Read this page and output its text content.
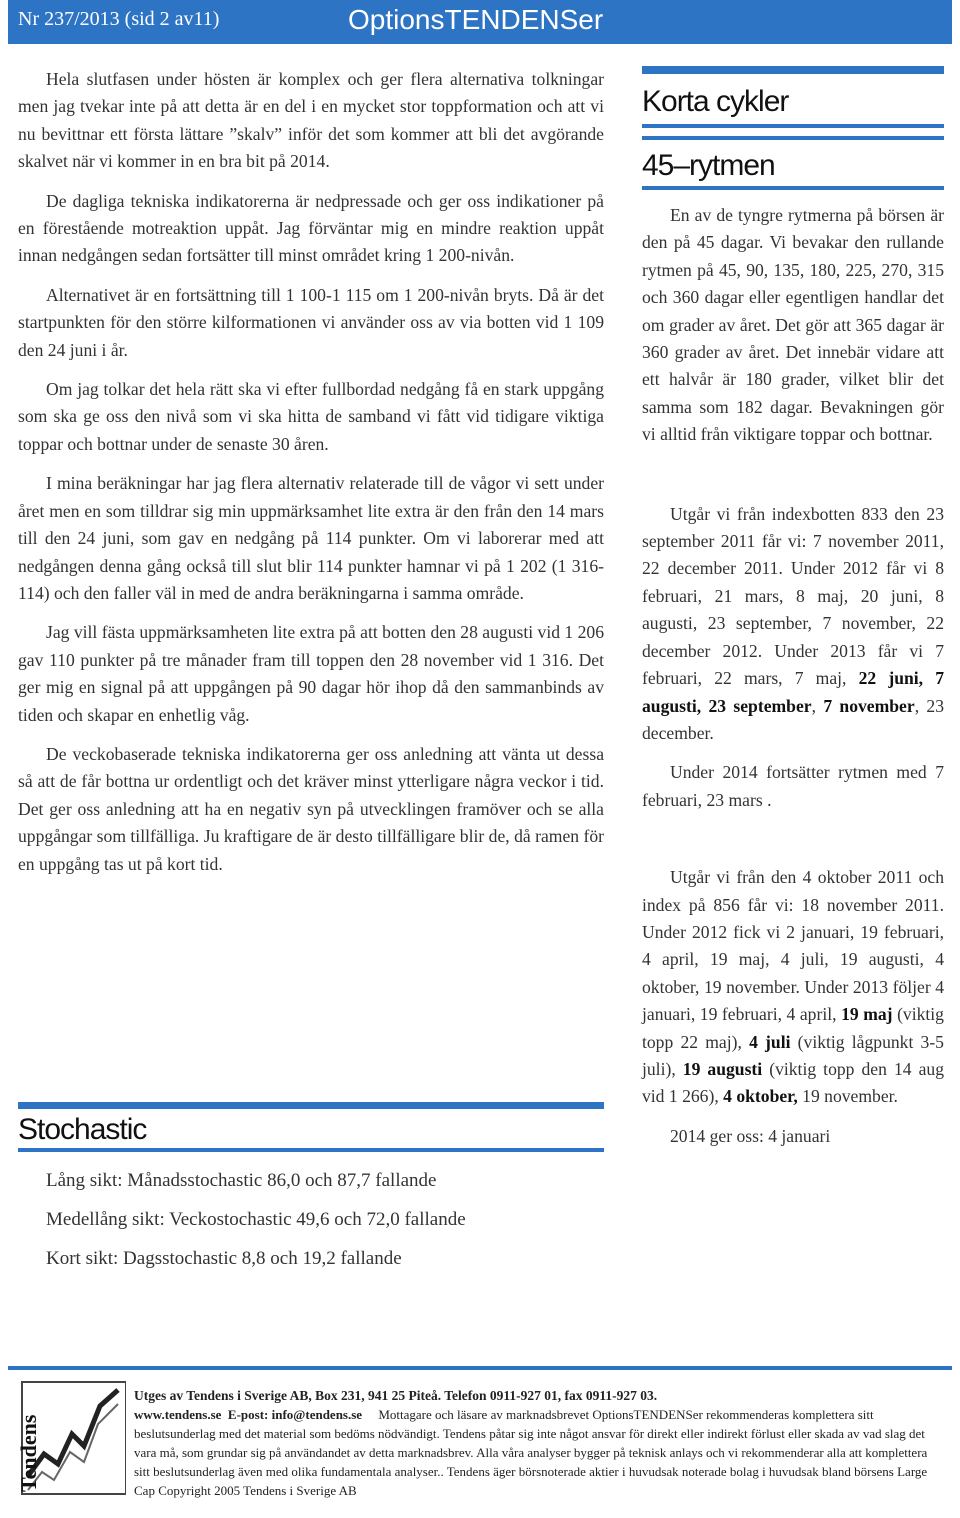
Nr 237/2013 (sid 2 av11)	OptionsTENDENSer

Hela slutfasen under hösten är komplex och ger flera alternativa tolkningar men jag tvekar inte på att detta är en del i en mycket stor toppformation och att vi nu bevittnar ett första lättare ”skalv” inför det som kommer att bli det avgörande skalvet när vi kommer in en bra bit på 2014.

De dagliga tekniska indikatorerna är nedpressade och ger oss indikationer på en förestående motreaktion uppåt. Jag förväntar mig en mindre reaktion uppåt innan nedgången sedan fortsätter till minst området kring 1 200-nivån.

Alternativet är en fortsättning till 1 100-1 115 om 1 200-nivån bryts. Då är det startpunkten för den större kilformationen vi använder oss av via botten vid 1 109 den 24 juni i år.

Om jag tolkar det hela rätt ska vi efter fullbordad nedgång få en stark uppgång som ska ge oss den nivå som vi ska hitta de samband vi fått vid tidigare viktiga toppar och bottnar under de senaste 30 åren.

I mina beräkningar har jag flera alternativ relaterade till de vågor vi sett under året men en som tilldrar sig min uppmärksamhet lite extra är den från den 14 mars till den 24 juni, som gav en nedgång på 114 punkter. Om vi laborerar med att nedgången denna gång också till slut blir 114 punkter hamnar vi på 1 202 (1 316-114) och den faller väl in med de andra beräkningarna i samma område.

Jag vill fästa uppmärksamheten lite extra på att botten den 28 augusti vid 1 206 gav 110 punkter på tre månader fram till toppen den 28 november vid 1 316. Det ger mig en signal på att uppgången på 90 dagar hör ihop då den sammanbinds av tiden och skapar en enhetlig våg.

De veckobaserade tekniska indikatorerna ger oss anledning att vänta ut dessa så att de får bottna ur ordentligt och det kräver minst ytterligare några veckor i tid. Det ger oss anledning att ha en negativ syn på utvecklingen framöver och se alla uppgångar som tillfälliga. Ju kraftigare de är desto tillfälligare blir de, då ramen för en uppgång tas ut på kort tid.

Stochastic
Lång sikt: Månadsstochastic 86,0 och 87,7 fallande
Medellång sikt: Veckostochastic 49,6 och 72,0 fallande
Kort sikt: Dagsstochastic 8,8 och 19,2 fallande
Korta cykler
45–rytmen

En av de tyngre rytmerna på börsen är den på 45 dagar. Vi bevakar den rullande rytmen på 45, 90, 135, 180, 225, 270, 315 och 360 dagar eller egentligen handlar det om grader av året. Det gör att 365 dagar är 360 grader av året. Det innebär vidare att ett halvår är 180 grader, vilket blir det samma som 182 dagar. Bevakningen gör vi alltid från viktigare toppar och bottnar.

Utgår vi från indexbotten 833 den 23 september 2011 får vi: 7 november 2011, 22 december 2011. Under 2012 får vi 8 februari, 21 mars, 8 maj, 20 juni, 8 augusti, 23 september, 7 november, 22 december 2012. Under 2013 får vi 7 februari, 22 mars, 7 maj, 22 juni, 7 augusti, 23 september, 7 november, 23 december.

Under 2014 fortsätter rytmen med 7 februari, 23 mars .

Utgår vi från den 4 oktober 2011 och index på 856 får vi: 18 november 2011. Under 2012 fick vi 2 januari, 19 februari, 4 april, 19 maj, 4 juli, 19 augusti, 4 oktober, 19 november. Under 2013 följer 4 januari, 19 februari, 4 april, 19 maj (viktig topp 22 maj), 4 juli (viktig lågpunkt 3-5 juli), 19 augusti (viktig topp den 14 aug vid 1 266), 4 oktober, 19 november.

2014 ger oss: 4 januari

Tendens
Utges av Tendens i Sverige AB, Box 231, 941 25 Piteå. Telefon 0911-927 01, fax 0911-927 03.
www.tendens.se E-post: info@tendens.se Mottagare och läsare av marknadsbrevet OptionsTENDENSer rekommenderas komplettera sitt beslutsunderlag med det material som bedöms nödvändigt. Tendens påtar sig inte något ansvar för direkt eller indirekt förlust eller skada av vad slag det vara må, som grundar sig på användandet av detta marknadsbrev. Alla våra analyser bygger på teknisk anlays och vi rekommenderar alla att komplettera sitt beslutsunderlag även med olika fundamentala analyser.. Tendens äger börsnoterade aktier i huvudsak noterade bolag i huvudsak bland börsens Large Cap Copyright 2005 Tendens i Sverige AB
